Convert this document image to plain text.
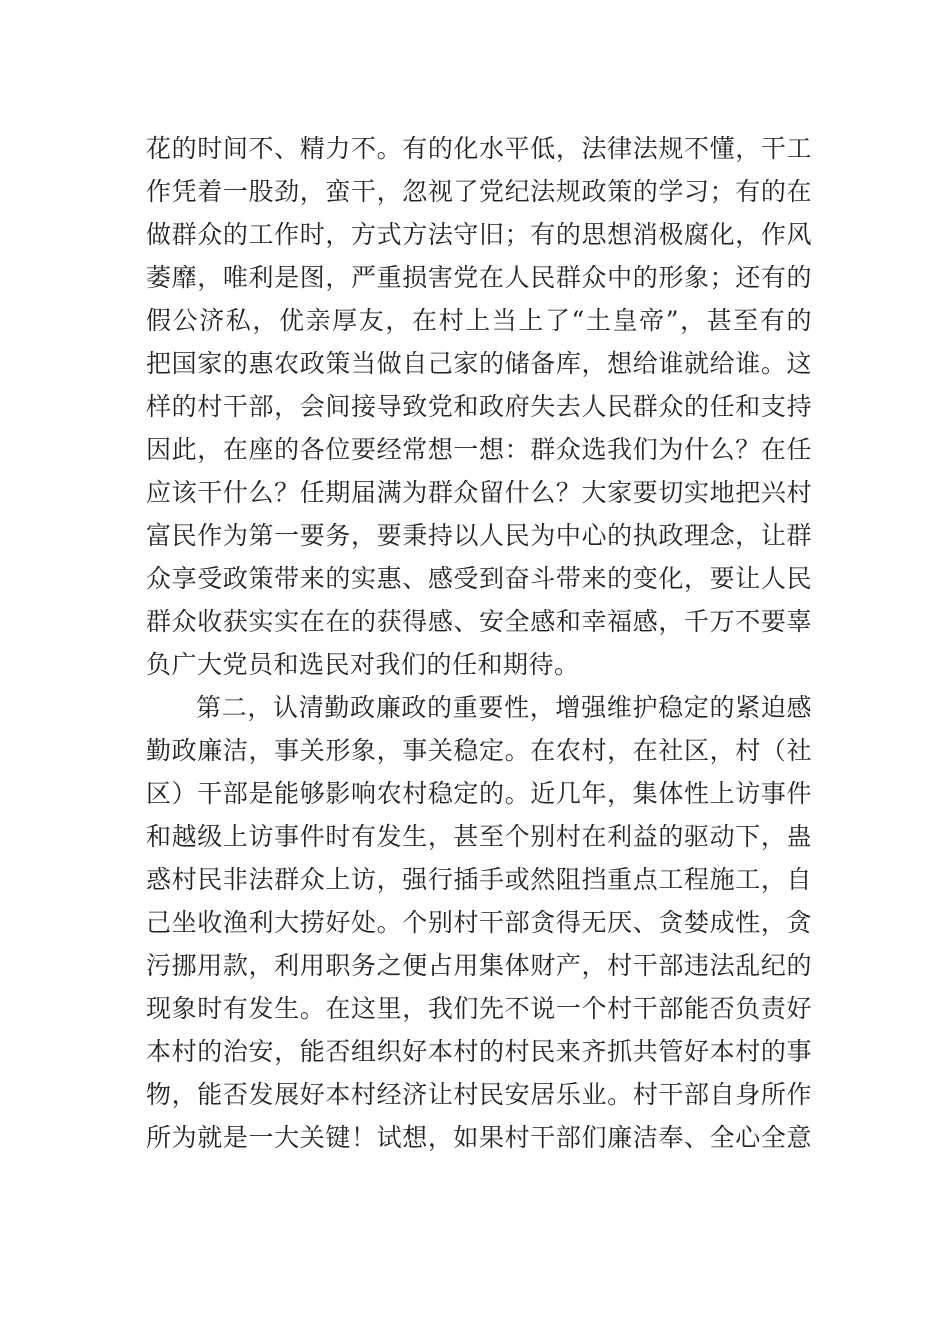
花的时间不、精力不。有的化水平低，法律法规不懂，干工
作凭着一股劲，蛮干，忽视了党纪法规政策的学习；有的在
做群众的工作时，方式方法守旧；有的思想消极腐化，作风
萎靡，唯利是图，严重损害党在人民群众中的形象；还有的
假公济私，优亲厚友，在村上当上了“土皇帝”，甚至有的
把国家的惠农政策当做自己家的储备库，想给谁就给谁。这
样的村干部，会间接导致党和政府失去人民群众的任和支持
因此，在座的各位要经常想一想：群众选我们为什么？在任
应该干什么？任期届满为群众留什么？大家要切实地把兴村
富民作为第一要务，要秉持以人民为中心的执政理念，让群
众享受政策带来的实惠、感受到奋斗带来的变化，要让人民
群众收获实实在在的获得感、安全感和幸福感，千万不要辜
负广大党员和选民对我们的任和期待。
第二，认清勤政廉政的重要性，增强维护稳定的紧迫感
勤政廉洁，事关形象，事关稳定。在农村，在社区，村（社
区）干部是能够影响农村稳定的。近几年，集体性上访事件
和越级上访事件时有发生，甚至个别村在利益的驱动下，蛊
惑村民非法群众上访，强行插手或然阻挡重点工程施工，自
己坐收渔利大捞好处。个别村干部贪得无厌、贪婪成性，贪
污挪用款，利用职务之便占用集体财产，村干部违法乱纪的
现象时有发生。在这里，我们先不说一个村干部能否负责好
本村的治安，能否组织好本村的村民来齐抓共管好本村的事
物，能否发展好本村经济让村民安居乐业。村干部自身所作
所为就是一大关键！试想，如果村干部们廉洁奉、全心全意
